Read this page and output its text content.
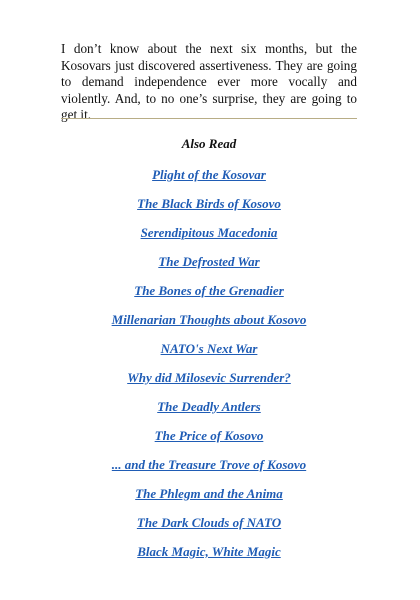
I don’t know about the next six months, but the Kosovars just discovered assertiveness. They are going to demand independence ever more vocally and violently. And, to no one’s surprise, they are going to get it.

Also Read
Plight of the Kosovar
The Black Birds of Kosovo
Serendipitous Macedonia
The Defrosted War
The Bones of the Grenadier
Millenarian Thoughts about Kosovo
NATO's Next War
Why did Milosevic Surrender?
The Deadly Antlers
The Price of Kosovo
... and the Treasure Trove of Kosovo
The Phlegm and the Anima
The Dark Clouds of NATO
Black Magic, White Magic
